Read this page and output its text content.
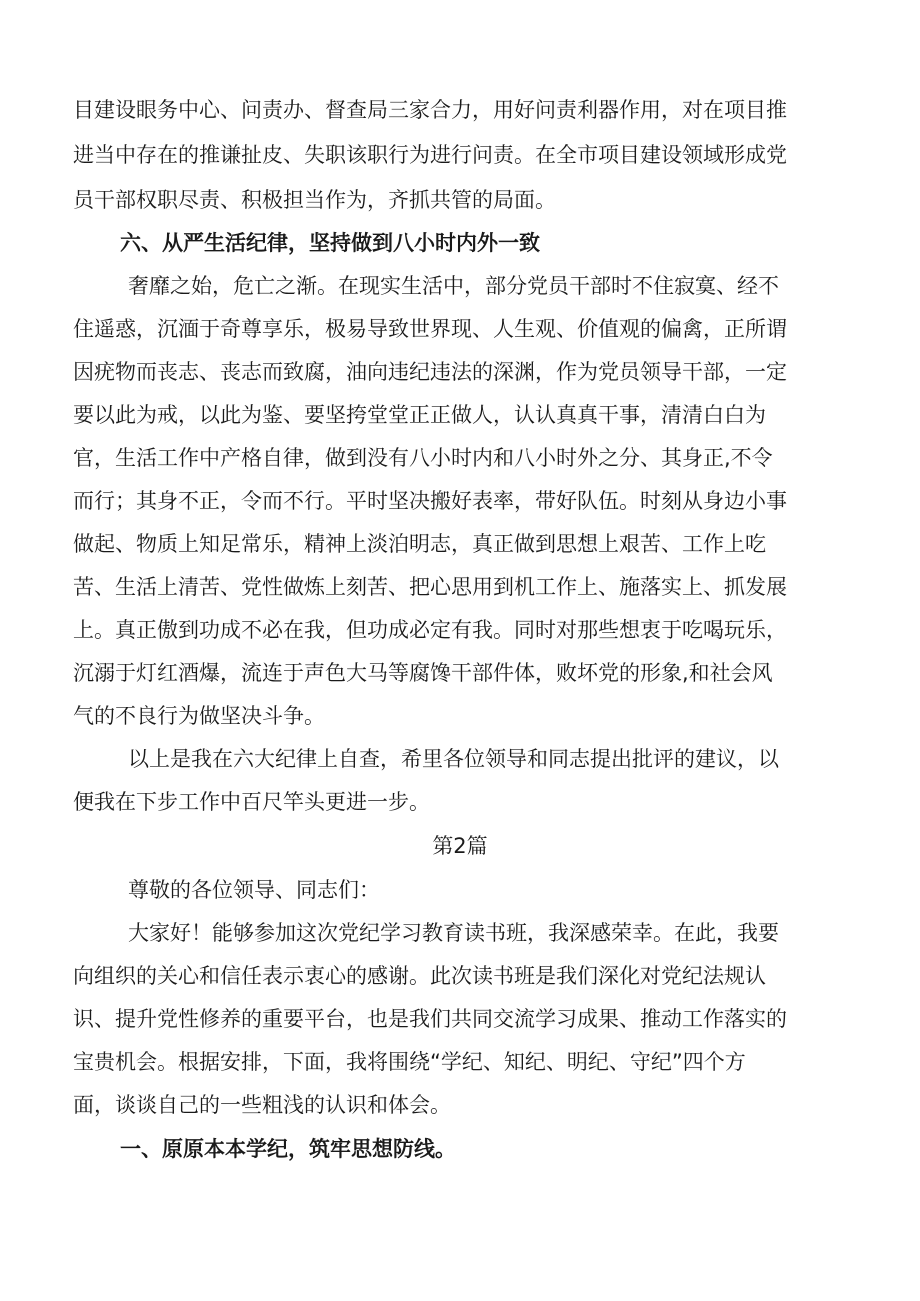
目建设眼务中心、问责办、督查局三家合力，用好问责利器作用，对在项目推
进当中存在的推谦扯皮、失职该职行为进行问责。在全市项目建设领域形成党
员干部权职尽责、积极担当作为，齐抓共管的局面。
六、从严生活纪律，坚持做到八小时内外一致
奢靡之始，危亡之渐。在现实生活中，部分党员干部时不住寂寞、经不
住遥惑，沉湎于奇尊享乐，极易导致世界现、人生观、价值观的偏禽，正所谓
因疣物而丧志、丧志而致腐，油向违纪违法的深渊，作为党员领导干部，一定
要以此为戒，以此为鉴、要坚挎堂堂正正做人，认认真真干事，清清白白为
官，生活工作中产格自律，做到没有八小时内和八小时外之分、其身正,不令
而行；其身不正，令而不行。平时坚决搬好表率，带好队伍。时刻从身边小事
做起、物质上知足常乐，精神上淡泊明志，真正做到思想上艰苦、工作上吃
苦、生活上清苦、党性做炼上刻苦、把心思用到机工作上、施落实上、抓发展
上。真正傲到功成不必在我，但功成必定有我。同时对那些想衷于吃喝玩乐，
沉溺于灯红酒爆，流连于声色大马等腐馋干部件体，败坏党的形象,和社会风
气的不良行为做坚决斗争。
以上是我在六大纪律上自查，希里各位领导和同志提出批评的建议，以
便我在下步工作中百尺竿头更进一步。
第2篇
尊敬的各位领导、同志们：
大家好！能够参加这次党纪学习教育读书班，我深感荣幸。在此，我要
向组织的关心和信任表示衷心的感谢。此次读书班是我们深化对党纪法规认
识、提升党性修养的重要平台，也是我们共同交流学习成果、推动工作落实的
宝贵机会。根据安排，下面，我将围绕“学纪、知纪、明纪、守纪”四个方
面，谈谈自己的一些粗浅的认识和体会。
一、原原本本学纪，筑牢思想防线。
